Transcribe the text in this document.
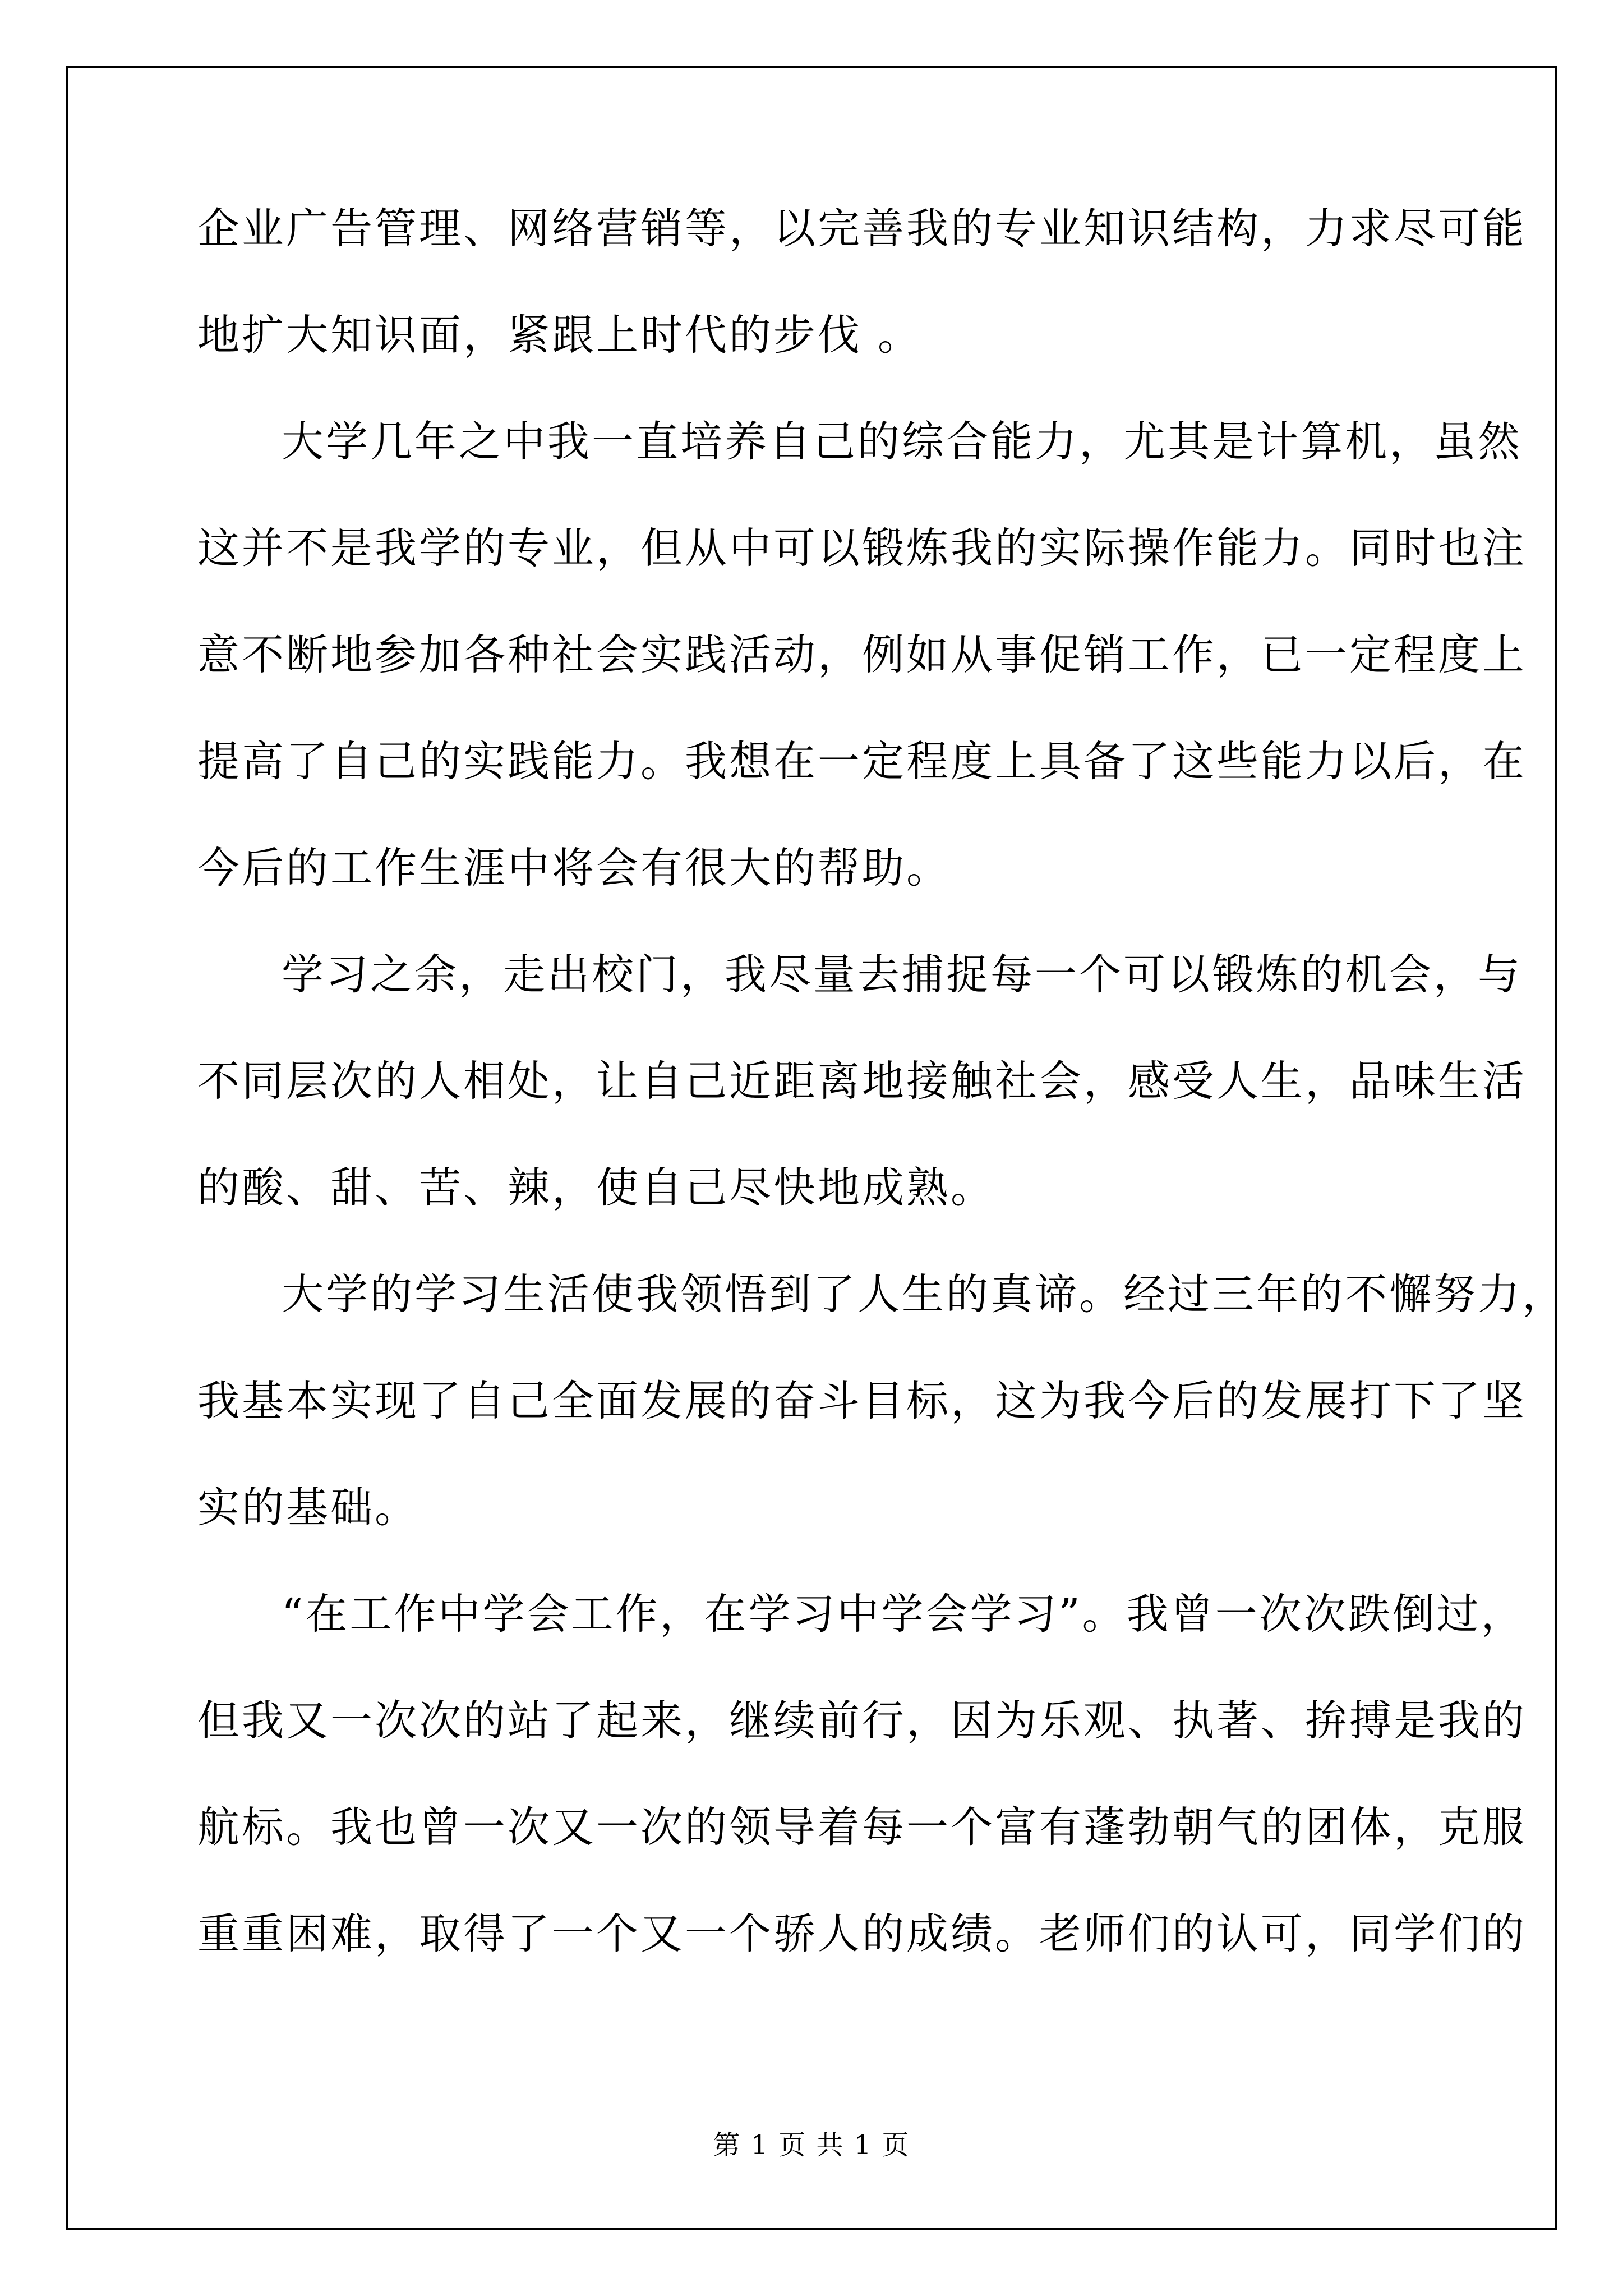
企业广告管理、网络营销等，以完善我的专业知识结构，力求尽可能
地扩大知识面，紧跟上时代的步伐 。
大学几年之中我一直培养自己的综合能力，尤其是计算机，虽然
这并不是我学的专业，但从中可以锻炼我的实际操作能力。同时也注
意不断地参加各种社会实践活动，例如从事促销工作，已一定程度上
提高了自己的实践能力。我想在一定程度上具备了这些能力以后，在
今后的工作生涯中将会有很大的帮助。
学习之余，走出校门，我尽量去捕捉每一个可以锻炼的机会，与
不同层次的人相处，让自己近距离地接触社会，感受人生，品味生活
的酸、甜、苦、辣，使自己尽快地成熟。
大学的学习生活使我领悟到了人生的真谛。经过三年的不懈努力，
我基本实现了自己全面发展的奋斗目标，这为我今后的发展打下了坚
实的基础。
“在工作中学会工作，在学习中学会学习”。我曾一次次跌倒过，
但我又一次次的站了起来，继续前行，因为乐观、执著、拚搏是我的
航标。我也曾一次又一次的领导着每一个富有蓬勃朝气的团体，克服
重重困难，取得了一个又一个骄人的成绩。老师们的认可，同学们的
第 1 页 共 1 页
